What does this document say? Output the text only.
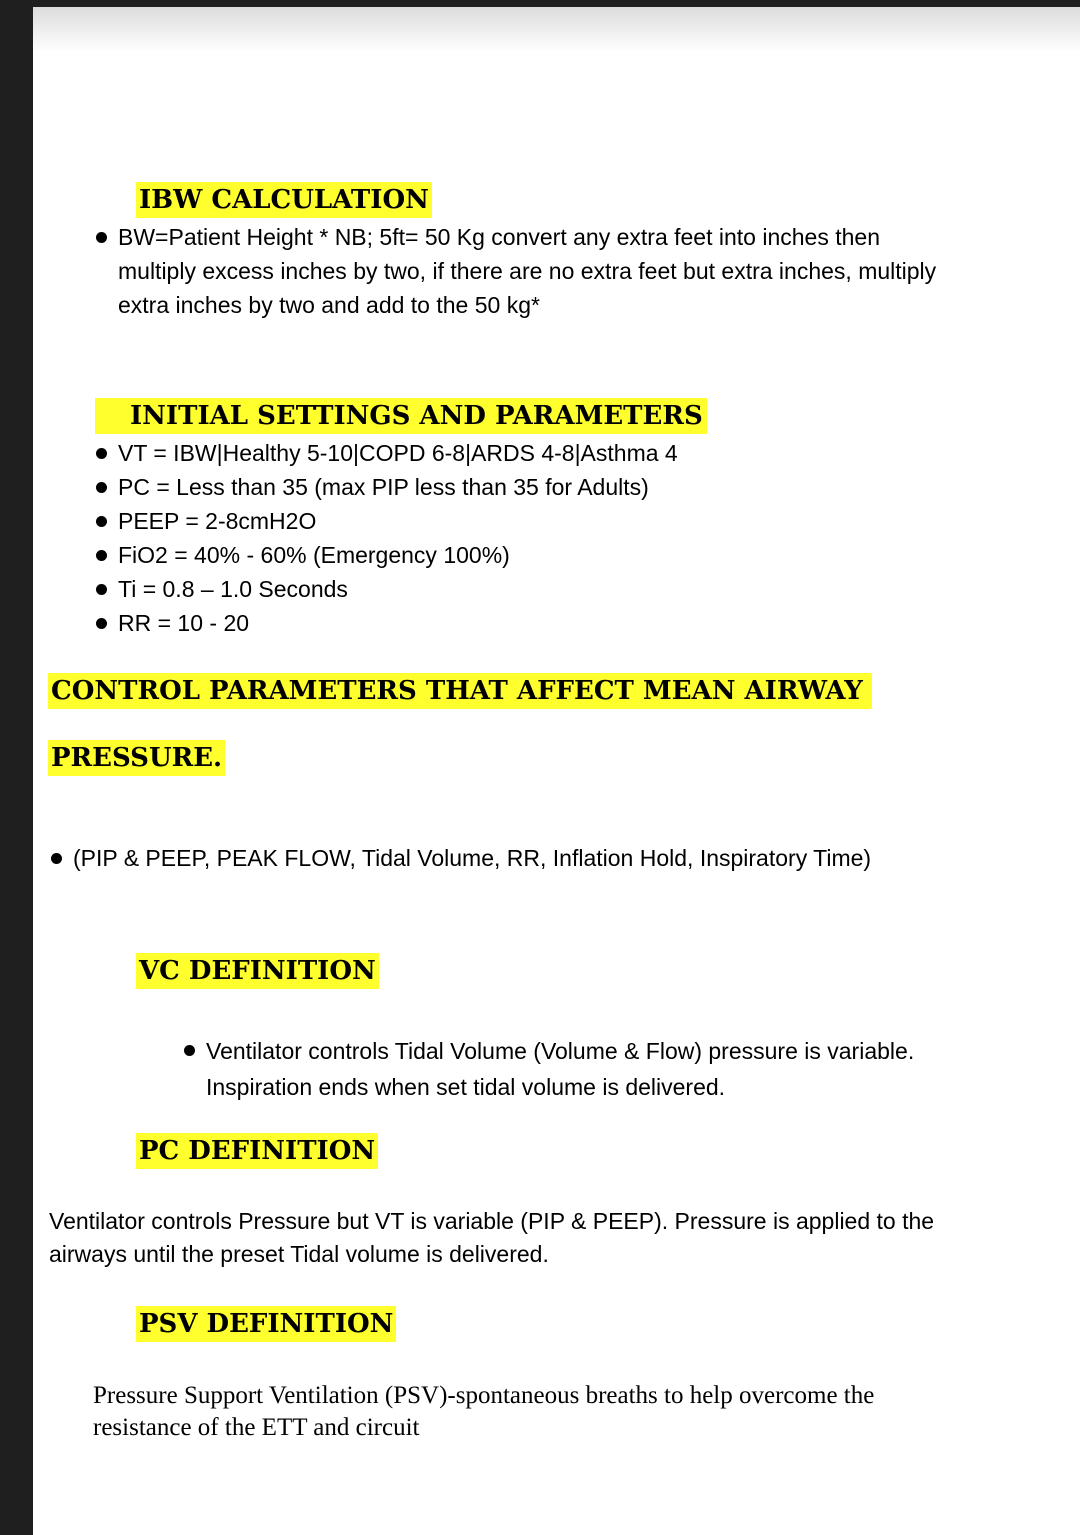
IBW CALCULATION
BW=Patient Height * NB; 5ft= 50 Kg convert any extra feet into inches then multiply excess inches by two, if there are no extra feet but extra inches, multiply extra inches by two and add to the 50 kg*
INITIAL SETTINGS AND PARAMETERS
VT = IBW|Healthy 5-10|COPD 6-8|ARDS 4-8|Asthma 4
PC = Less than 35 (max PIP less than 35 for Adults)
PEEP = 2-8cmH2O
FiO2 = 40% - 60% (Emergency 100%)
Ti = 0.8 – 1.0 Seconds
RR = 10 - 20
CONTROL PARAMETERS THAT AFFECT MEAN AIRWAY
PRESSURE.
(PIP & PEEP, PEAK FLOW, Tidal Volume, RR, Inflation Hold, Inspiratory Time)
VC DEFINITION
Ventilator controls Tidal Volume (Volume & Flow) pressure is variable. Inspiration ends when set tidal volume is delivered.
PC DEFINITION

Ventilator controls Pressure but VT is variable (PIP & PEEP). Pressure is applied to the airways until the preset Tidal volume is delivered.

PSV DEFINITION

Pressure Support Ventilation (PSV)-spontaneous breaths to help overcome the resistance of the ETT and circuit
